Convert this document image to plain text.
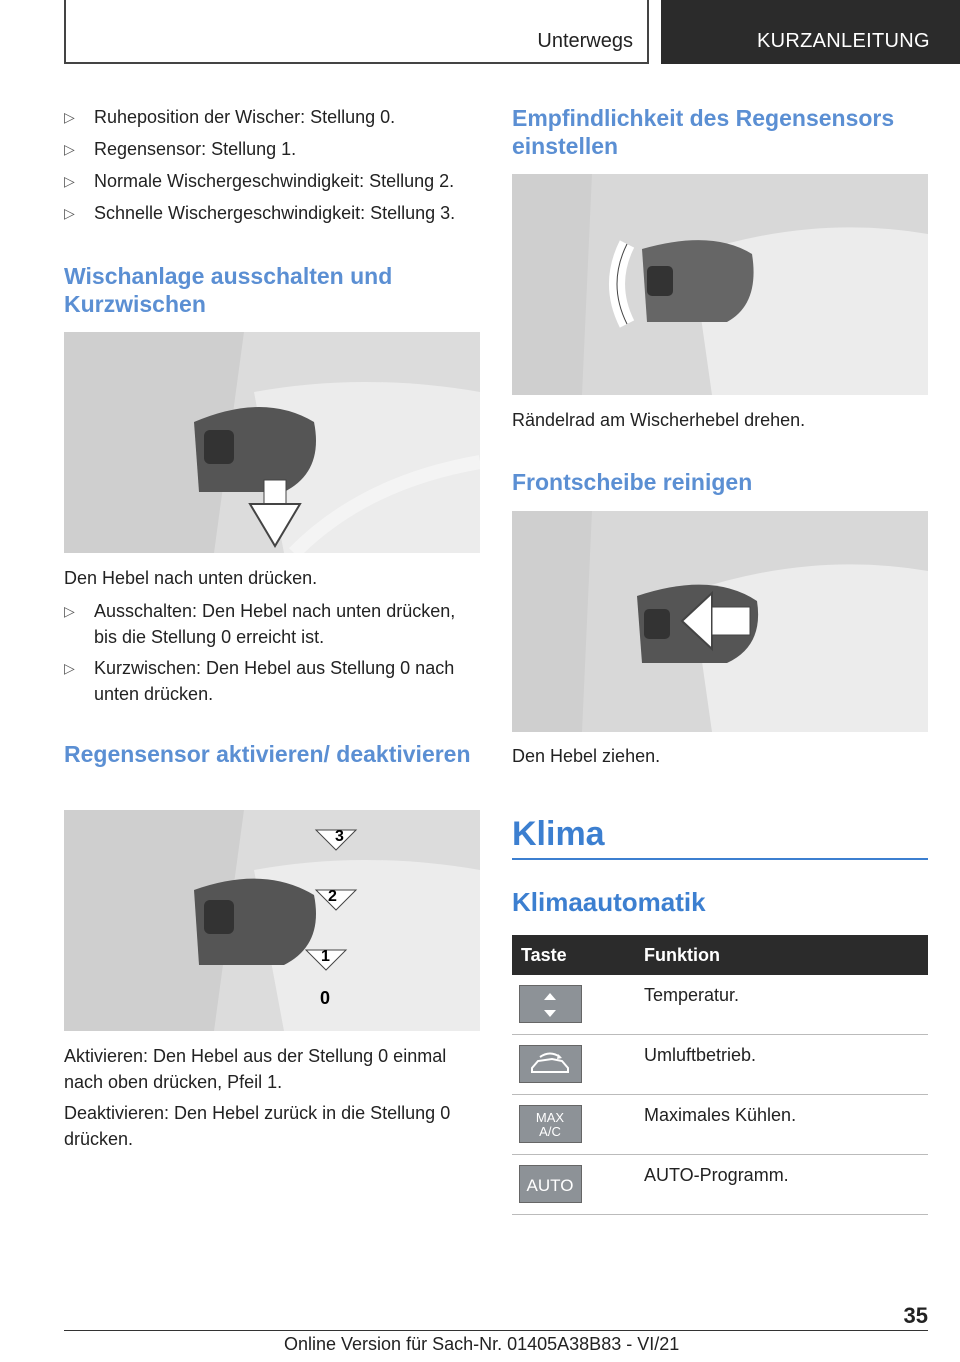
Unterwegs	KURZANLEITUNG
▷ Ruheposition der Wischer: Stellung 0.
▷ Regensensor: Stellung 1.
▷ Normale Wischergeschwindigkeit: Stellung 2.
▷ Schnelle Wischergeschwindigkeit: Stellung 3.
Wischanlage ausschalten und Kurzwischen
Den Hebel nach unten drücken.
▷ Ausschalten: Den Hebel nach unten drücken, bis die Stellung 0 erreicht ist.
▷ Kurzwischen: Den Hebel aus Stellung 0 nach unten drücken.
Regensensor aktivieren/ deaktivieren
3
2
1
0
Aktivieren: Den Hebel aus der Stellung 0 einmal nach oben drücken, Pfeil 1.
Deaktivieren: Den Hebel zurück in die Stellung 0 drücken.
Empfindlichkeit des Regensensors einstellen
Rändelrad am Wischerhebel drehen.
Frontscheibe reinigen
Den Hebel ziehen.
Klima
Klimaautomatik
Taste	Funktion
Temperatur.
Umluftbetrieb.
MAX
A/C
Maximales Kühlen.
AUTO
AUTO-Programm.
35
Online Version für Sach-Nr. 01405A38B83 - VI/21
